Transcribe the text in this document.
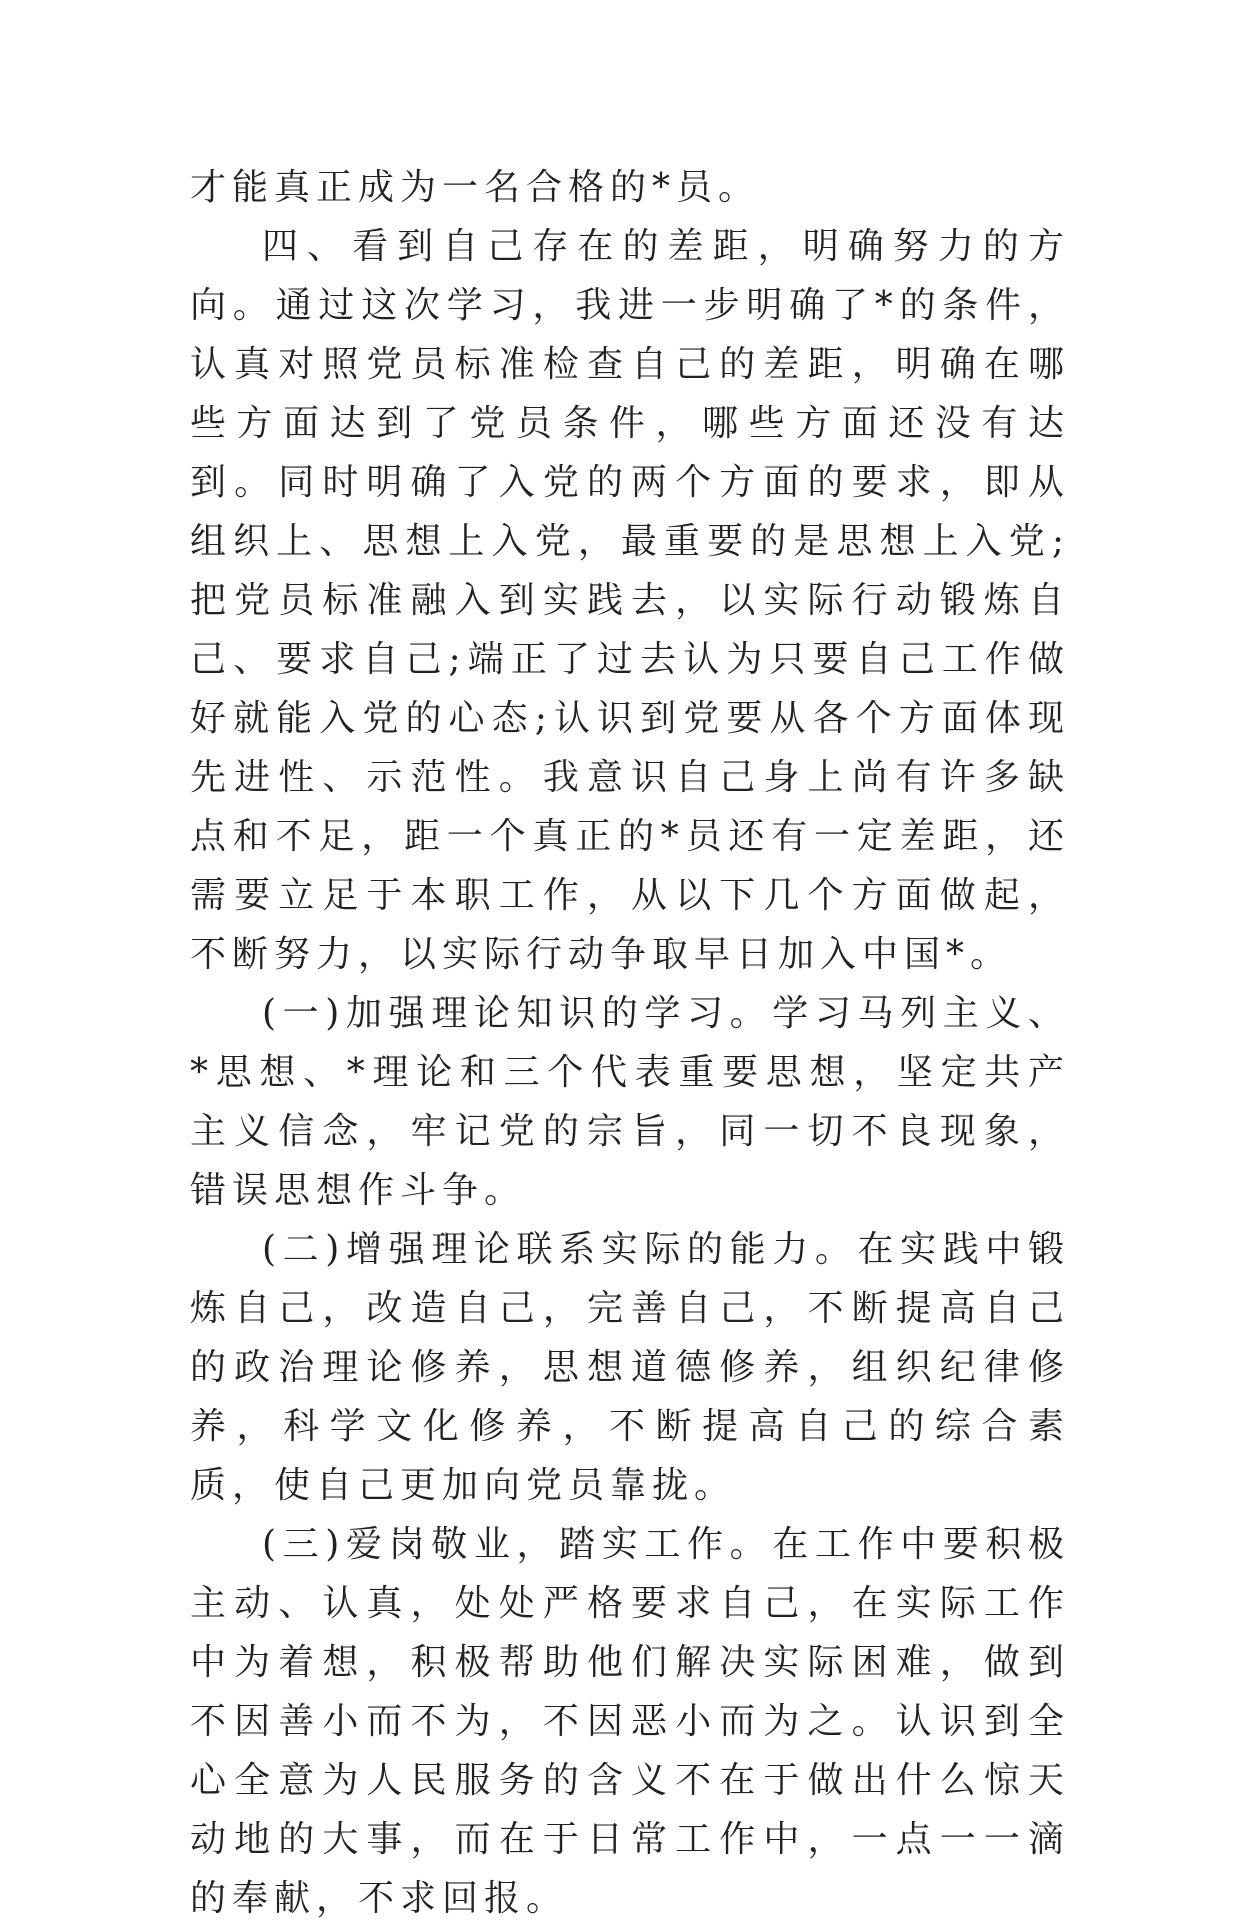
才能真正成为一名合格的*员。

四、看到自己存在的差距，明确努力的方向。通过这次学习，我进一步明确了*的条件，认真对照党员标准检查自己的差距，明确在哪些方面达到了党员条件，哪些方面还没有达到。同时明确了入党的两个方面的要求，即从组织上、思想上入党，最重要的是思想上入党;把党员标准融入到实践去，以实际行动锻炼自己、要求自己;端正了过去认为只要自己工作做好就能入党的心态;认识到党要从各个方面体现先进性、示范性。我意识自己身上尚有许多缺点和不足，距一个真正的*员还有一定差距，还需要立足于本职工作，从以下几个方面做起，不断努力，以实际行动争取早日加入中国*。

(一)加强理论知识的学习。学习马列主义、*思想、*理论和三个代表重要思想，坚定共产主义信念，牢记党的宗旨，同一切不良现象，错误思想作斗争。

(二)增强理论联系实际的能力。在实践中锻炼自己，改造自己，完善自己，不断提高自己的政治理论修养，思想道德修养，组织纪律修养，科学文化修养，不断提高自己的综合素质，使自己更加向党员靠拢。

(三)爱岗敬业，踏实工作。在工作中要积极主动、认真，处处严格要求自己，在实际工作中为着想，积极帮助他们解决实际困难，做到不因善小而不为，不因恶小而为之。认识到全心全意为人民服务的含义不在于做出什么惊天动地的大事，而在于日常工作中，一点一一滴的奉献，不求回报。
